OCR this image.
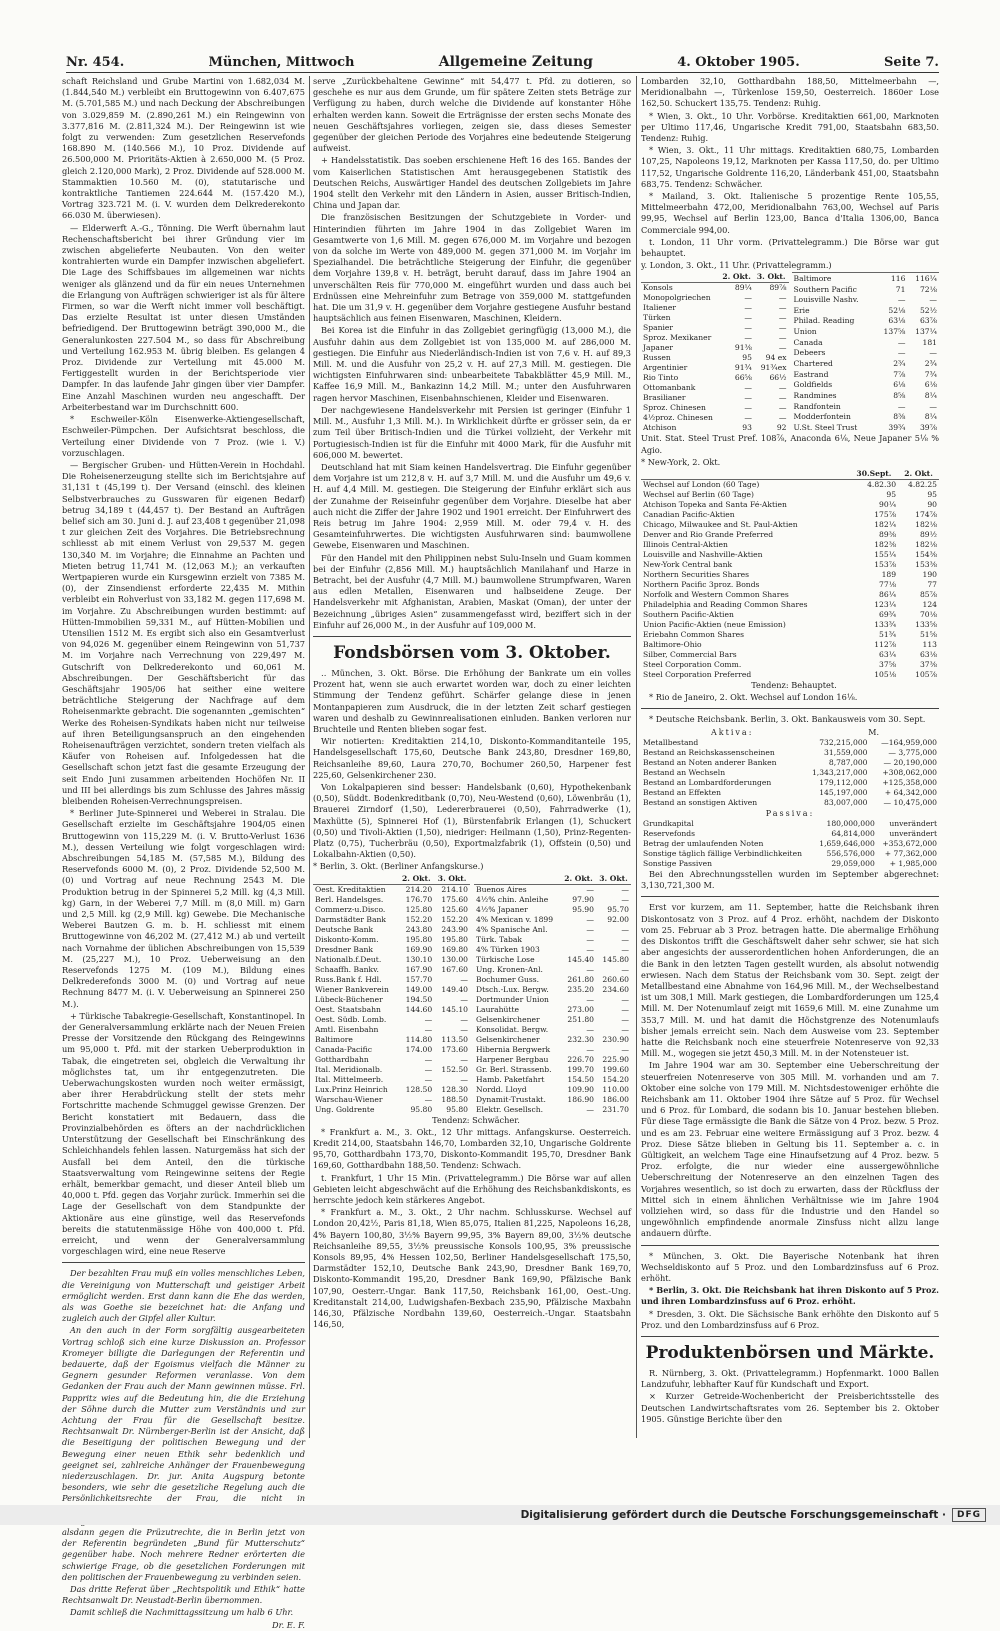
Nr. 454.	München, Mittwoch	Allgemeine Zeitung	4. Oktober 1905.	Seite 7.

schaft Reichsland und Grube Martini von 1.682,034 M. (1.844,540 M.) verbleibt ein Bruttogewinn von 6.407,675 M. (5.701,585 M.) und nach Deckung der Abschreibungen von 3.029,859 M. (2.890,261 M.) ein Reingewinn von 3.377,816 M. (2.811,324 M.). Der Reingewinn ist wie folgt zu verwenden: Zum gesetzlichen Reservefonds 168.890 M. (140.566 M.), 10 Proz. Dividende auf 26.500,000 M. Prioritäts-Aktien à 2.650,000 M. (5 Proz. gleich 2.120,000 Mark), 2 Proz. Dividende auf 528.000 M. Stammaktien 10.560 M. (0), statutarische und kontraktliche Tantiemen 224.644 M. (157.420 M.), Vortrag 323.721 M. (i. V. wurden dem Delkrederekonto 66.030 M. überwiesen).

— Elderwerft A.-G., Tönning. Die Werft übernahm laut Rechenschaftsbericht bei ihrer Gründung vier im zwischen abgelieferte Neubauten. Von den weiter kontrahierten wurde ein Dampfer inzwischen abgeliefert. Die Lage des Schiffsbaues im allgemeinen war nichts weniger als glänzend und da für ein neues Unternehmen die Erlangung von Aufträgen schwieriger ist als für ältere Firmen, so war die Werft nicht immer voll beschäftigt. Das erzielte Resultat ist unter diesen Umständen befriedigend. Der Bruttogewinn beträgt 390,000 M., die Generalunkosten 227.504 M., so dass für Abschreibung und Verteilung 162.953 M. übrig bleiben. Es gelangen 4 Proz. Dividende zur Verteilung mit 45.000 M. Fertiggestellt wurden in der Berichtsperiode vier Dampfer. In das laufende Jahr gingen über vier Dampfer. Eine Anzahl Maschinen wurden neu angeschafft. Der Arbeiterbestand war im Durchschnitt 600.

* Eschweiler-Köln Eisenwerke-Aktiengesellschaft, Eschweiler-Pümpchen. Der Aufsichtsrat beschloss, die Verteilung einer Dividende von 7 Proz. (wie i. V.) vorzuschlagen.

— Bergischer Gruben- und Hütten-Verein in Hochdahl. Die Roheisenerzeugung stellte sich im Berichtsjahre auf 31,131 t (45,199 t). Der Versand (einschl. des kleinen Selbstverbrauches zu Gusswaren für eigenen Bedarf) betrug 34,189 t (44,457 t). Der Bestand an Aufträgen belief sich am 30. Juni d. J. auf 23,408 t gegenüber 21,098 t zur gleichen Zeit des Vorjahres. Die Betriebsrechnung schliesst ab mit einem Verlust von 29,537 M. gegen 130,340 M. im Vorjahre; die Einnahme an Pachten und Mieten betrug 11,741 M. (12,063 M.); an verkauften Wertpapieren wurde ein Kursgewinn erzielt von 7385 M. (0), der Zinsendienst erforderte 22,435 M. Mithin verbleibt ein Rohverlust von 33,182 M. gegen 117,698 M. im Vorjahre. Zu Abschreibungen wurden bestimmt: auf Hütten-Immobilien 59,331 M., auf Hütten-Mobilien und Utensilien 1512 M. Es ergibt sich also ein Gesamtverlust von 94,026 M. gegenüber einem Reingewinn von 51,737 M. im Vorjahre nach Verrechnung von 229,497 M. Gutschrift von Delkrederekonto und 60,061 M. Abschreibungen. Der Geschäftsbericht für das Geschäftsjahr 1905/06 hat seither eine weitere beträchtliche Steigerung der Nachfrage auf dem Roheisenmarkte gebracht. Die sogenannten „gemischten“ Werke des Roheisen-Syndikats haben nicht nur teilweise auf ihren Beteiligungsanspruch an den eingehenden Roheisenaufträgen verzichtet, sondern treten vielfach als Käufer von Roheisen auf. Infolgedessen hat die Gesellschaft schon jetzt fast die gesamte Erzeugung der seit Endo Juni zusammen arbeitenden Hochöfen Nr. II und III bei allerdings bis zum Schlusse des Jahres mässig bleibenden Roheisen-Verrechnungspreisen.

* Berliner Jute-Spinnerei und Weberei in Stralau. Die Gesellschaft erzielte im Geschäftsjahre 1904/05 einen Bruttogewinn von 115,229 M. (i. V. Brutto-Verlust 1636 M.), dessen Verteilung wie folgt vorgeschlagen wird: Abschreibungen 54,185 M. (57,585 M.), Bildung des Reservefonds 6000 M. (0), 2 Proz. Dividende 52,500 M. (0) und Vortrag auf neue Rechnung 2543 M. Die Produktion betrug in der Spinnerei 5,2 Mill. kg (4,3 Mill. kg) Garn, in der Weberei 7,7 Mill. m (8,0 Mill. m) Garn und 2,5 Mill. kg (2,9 Mill. kg) Gewebe. Die Mechanische Weberei Bautzen G. m. b. H. schliesst mit einem Bruttogewinne von 46,202 M. (27,412 M.) ab und verteilt nach Vornahme der üblichen Abschreibungen von 15,539 M. (25,227 M.), 10 Proz. Ueberweisung an den Reservefonds 1275 M. (109 M.), Bildung eines Delkrederefonds 3000 M. (0) und Vortrag auf neue Rechnung 8477 M. (i. V. Ueberweisung an Spinnerei 250 M.).

+ Türkische Tabakregie-Gesellschaft, Konstantinopel. In der Generalversammlung erklärte nach der Neuen Freien Presse der Vorsitzende den Rückgang des Reingewinns um 95,000 t. Pfd. mit der starken Ueberproduktion in Tabak, die eingetreten sei, obgleich die Verwaltung ihr möglichstes tat, um ihr entgegenzutreten. Die Ueberwachungskosten wurden noch weiter ermässigt, aber ihrer Herabdrückung stellt der stets mehr Fortschritte machende Schmuggel gewisse Grenzen. Der Bericht konstatiert mit Bedauern, dass die Provinzialbehörden es öfters an der nachdrücklichen Unterstützung der Gesellschaft bei Einschränkung des Schleichhandels fehlen lassen. Naturgemäss hat sich der Ausfall bei dem Anteil, den die türkische Staatsverwaltung vom Reingewinne seitens der Regie erhält, bemerkbar gemacht, und dieser Anteil blieb um 40,000 t. Pfd. gegen das Vorjahr zurück. Immerhin sei die Lage der Gesellschaft von dem Standpunkte der Aktionäre aus eine günstige, weil das Reservefonds bereits die statutenmässige Höhe von 400,000 t. Pfd. erreicht, und wenn der Generalversammlung vorgeschlagen wird, eine neue Reserve

Der bezahlten Frau muß ein volles menschliches Leben, die Vereinigung von Mutterschaft und geistiger Arbeit ermöglicht werden. Erst dann kann die Ehe das werden, als was Goethe sie bezeichnet hat: die Anfang und zugleich auch der Gipfel aller Kultur.

An den auch in der Form sorgfältig ausgearbeiteten Vortrag schloß sich eine kurze Diskussion an. Professor Kromeyer billigte die Darlegungen der Referentin und bedauerte, daß der Egoismus vielfach die Männer zu Gegnern gesunder Reformen veranlasse. Von dem Gedanken der Frau auch der Mann gewinnen müsse. Frl. Pappritz wies auf die Bedeutung hin, die die Erziehung der Söhne durch die Mutter zum Verständnis und zur Achtung der Frau für die Gesellschaft besitze. Rechtsanwalt Dr. Nürnberger-Berlin ist der Ansicht, daß die Beseitigung der politischen Bewegung und der Bewegung einer neuen Ethik sehr bedenklich und geeignet sei, zahlreiche Anhänger der Frauenbewegung niederzuschlagen. Dr. jur. Anita Augspurg betonte besonders, wie sehr die gesetzliche Regelung auch die Persönlichkeitsrechte der Frau, die nicht in alsdann gegen die Prüzutrechte, die in Berlin jetzt von der Referentin begründeten „Bund für Mutterschutz“ gegenüber habe. Noch mehrere Redner erörterten die schwierige Frage, ob die gesetzlichen Forderungen mit den politischen der Frauenbewegung zu verbinden seien.

Das dritte Referat über „Rechtspolitik und Ethik“ hatte Rechtsanwalt Dr. Neustadt-Berlin übernommen.

Damit schließ die Nachmittagssitzung um halb 6 Uhr.

Dr. E. F.

serve „Zurückbehaltene Gewinne“ mit 54,477 t. Pfd. zu dotieren, so geschehe es nur aus dem Grunde, um für spätere Zeiten stets Beträge zur Verfügung zu haben, durch welche die Dividende auf konstanter Höhe erhalten werden kann. Soweit die Erträgnisse der ersten sechs Monate des neuen Geschäftsjahres vorliegen, zeigen sie, dass dieses Semester gegenüber der gleichen Periode des Vorjahres eine bedeutende Steigerung aufweist.

+ Handelsstatistik. Das soeben erschienene Heft 16 des 165. Bandes der vom Kaiserlichen Statistischen Amt herausgegebenen Statistik des Deutschen Reichs, Auswärtiger Handel des deutschen Zollgebiets im Jahre 1904 stellt den Verkehr mit den Ländern in Asien, ausser Britisch-Indien, China und Japan dar.

Die französischen Besitzungen der Schutzgebiete in Vorder- und Hinterindien führten im Jahre 1904 in das Zollgebiet Waren im Gesamtwerte von 1,6 Mill. M. gegen 676,000 M. im Vorjahre und bezogen von da solche im Werte von 489,000 M. gegen 371,000 M. im Vorjahr im Spezialhandel. Die beträchtliche Steigerung der Einfuhr, die gegenüber dem Vorjahre 139,8 v. H. beträgt, beruht darauf, dass im Jahre 1904 an unverschälten Reis für 770,000 M. eingeführt wurden und dass auch bei Erdnüssen eine Mehreinfuhr zum Betrage von 359,000 M. stattgefunden hat. Die um 31,9 v. H. gegenüber dem Vorjahre gestiegene Ausfuhr bestand hauptsächlich aus feinen Eisenwaren, Maschinen, Kleidern.

Bei Korea ist die Einfuhr in das Zollgebiet geringfügig (13,000 M.), die Ausfuhr dahin aus dem Zollgebiet ist von 135,000 M. auf 286,000 M. gestiegen. Die Einfuhr aus Niederländisch-Indien ist von 7,6 v. H. auf 89,3 Mill. M. und die Ausfuhr von 25,2 v. H. auf 27,3 Mill. M. gestiegen. Die wichtigsten Einfuhrwaren sind: unbearbeitete Tabakblätter 45,9 Mill. M., Kaffee 16,9 Mill. M., Bankazinn 14,2 Mill. M.; unter den Ausfuhrwaren ragen hervor Maschinen, Eisenbahnschienen, Kleider und Eisenwaren.

Der nachgewiesene Handelsverkehr mit Persien ist geringer (Einfuhr 1 Mill. M., Ausfuhr 1,3 Mill. M.). In Wirklichkeit dürfte er grösser sein, da er zum Teil über Britisch-Indien und die Türkei vollzieht, der Verkehr mit Portugiesisch-Indien ist für die Einfuhr mit 4000 Mark, für die Ausfuhr mit 606,000 M. bewertet.

Deutschland hat mit Siam keinen Handelsvertrag. Die Einfuhr gegenüber dem Vorjahre ist um 212,8 v. H. auf 3,7 Mill. M. und die Ausfuhr um 49,6 v. H. auf 4,4 Mill. M. gestiegen. Die Steigerung der Einfuhr erklärt sich aus der Zunahme der Reiseinfuhr gegenüber dem Vorjahre. Dieselbe hat aber auch nicht die Ziffer der Jahre 1902 und 1901 erreicht. Der Einfuhrwert des Reis betrug im Jahre 1904: 2,959 Mill. M. oder 79,4 v. H. des Gesamteinfuhrwertes. Die wichtigsten Ausfuhrwaren sind: baumwollene Gewebe, Eisenwaren und Maschinen.

Für den Handel mit den Philippinen nebst Sulu-Inseln und Guam kommen bei der Einfuhr (2,856 Mill. M.) hauptsächlich Manilahanf und Harze in Betracht, bei der Ausfuhr (4,7 Mill. M.) baumwollene Strumpfwaren, Waren aus edlen Metallen, Eisenwaren und halbseidene Zeuge. Der Handelsverkehr mit Afghanistan, Arabien, Maskat (Oman), der unter der Bezeichnung „übriges Asien“ zusammengefasst wird, beziffert sich in der Einfuhr auf 26,000 M., in der Ausfuhr auf 109,000 M.

Fondsbörsen vom 3. Oktober.

‥ München, 3. Okt. Börse. Die Erhöhung der Bankrate um ein volles Prozent hat, wenn sie auch erwartet worden war, doch zu einer leichten Stimmung der Tendenz geführt. Schärfer gelange diese in jenen Montanpapieren zum Ausdruck, die in der letzten Zeit scharf gestiegen waren und deshalb zu Gewinnrealisationen einluden. Banken verloren nur Bruchteile und Renten blieben sogar fest.

Wir notierten: Kreditaktien 214,10, Diskonto-Kommanditanteile 195, Handelsgesellschaft 175,60, Deutsche Bank 243,80, Dresdner 169,80, Reichsanleihe 89,60, Laura 270,70, Bochumer 260,50, Harpener fest 225,60, Gelsenkirchener 230.

Von Lokalpapieren sind besser: Handelsbank (0,60), Hypothekenbank (0,50), Süddt. Bodenkreditbank (0,70), Neu-Westend (0,60), Löwenbräu (1), Brauerei Zirndorf (1,50), Ledererbrauerei (0,50), Fahrradwerke (1), Maxhütte (5), Spinnerei Hof (1), Bürstenfabrik Erlangen (1), Schuckert (0,50) und Tivoli-Aktien (1,50), niedriger: Heilmann (1,50), Prinz-Regenten-Platz (0,75), Tucherbräu (0,50), Exportmalzfabrik (1), Offstein (0,50) und Lokalbahn-Aktien (0,50).

* Berlin, 3. Okt. (Berliner Anfangskurse.)

	2. Okt.	3. Okt.
Oest. Kreditaktien	214.20	214.10
Berl. Handelsges.	176.70	175.60
Commerz-u.Disco.	125.80	125.60
Darmstädter Bank	152.20	152.20
Deutsche Bank	243.80	243.90
Diskonto-Komm.	195.80	195.80
Dresdner Bank	169.90	169.80
Nationalb.f.Deut.	130.10	130.00
Schaaffh. Bankv.	167.90	167.60
Russ.Bank f. Hdl.	157.70	—
Wiener Bankverein	149.00	149.40
Lübeck-Büchener	194.50	—
Oest. Staatsbahn	144.60	145.10
Oest. Südb. Lomb.	—	—
Amtl. Eisenbahn	—	—
Baltimore	114.80	113.50
Canada-Pacific	174.00	173.60
Gotthardbahn	—	—
Ital. Meridionalb.	—	152.50
Ital. Mittelmeerb.	—	—
Lux.Prinz Heinrich	128.50	128.30
Warschau-Wiener	—	188.50
Ung. Goldrente	95.80	95.80
	2. Okt.	3. Okt.
Buenos Aires	—	—
4½% chin. Anleihe	97.90	—
4½% Japaner	95.90	95.70
4% Mexican v. 1899	—	92.00
4% Spanische Anl.	—	—
Türk. Tabak	—	—
4% Türken 1903	—	—
Türkische Lose	145.40	145.80
Ung. Kronen-Anl.	—	—
Bochumer Guss.	261.80	260.60
Dtsch.-Lux. Bergw.	235.20	234.60
Dortmunder Union	—	—
Laurahütte	273.00	—
Gelsenkirchener	251.80	—
Konsolidat. Bergw.	—	—
Gelsenkirchener	232.30	230.90
Hibernia Bergwerk	—	—
Harpener Bergbau	226.70	225.90
Gr. Berl. Strassenb.	199.70	199.60
Hamb. Paketfahrt	154.50	154.20
Nordd. Lloyd	109.90	110.00
Dynamit-Trustakt.	186.90	186.00
Elektr. Gesellsch.	—	231.70

Tendenz: Schwächer.

* Frankfurt a. M., 3. Okt., 12 Uhr mittags. Anfangskurse. Oesterreich. Kredit 214,00, Staatsbahn 146,70, Lombarden 32,10, Ungarische Goldrente 95,70, Gotthardbahn 173,70, Diskonto-Kommandit 195,70, Dresdner Bank 169,60, Gotthardbahn 188,50. Tendenz: Schwach.

t. Frankfurt, 1 Uhr 15 Min. (Privattelegramm.) Die Börse war auf allen Gebieten leicht abgeschwächt auf die Erhöhung des Reichsbankdiskonts, es herrschte jedoch kein stärkeres Angebot.

* Frankfurt a. M., 3. Okt., 2 Uhr nachm. Schlusskurse. Wechsel auf London 20,42½, Paris 81,18, Wien 85,075, Italien 81,225, Napoleons 16,28, 4% Bayern 100,80, 3½% Bayern 99,95, 3% Bayern 89,00, 3½% deutsche Reichsanleihe 89,55, 3½% preussische Konsols 100,95, 3% preussische Konsols 89,95, 4% Hessen 102,50, Berliner Handelsgesellschaft 175,50, Darmstädter 152,10, Deutsche Bank 243,90, Dresdner Bank 169,70, Diskonto-Kommandit 195,20, Dresdner Bank 169,90, Pfälzische Bank 107,90, Oesterr.-Ungar. Bank 117,50, Reichsbank 161,00, Oest.-Ung. Kreditanstalt 214,00, Ludwigshafen-Bexbach 235,90, Pfälzische Maxbahn 146,30, Pfälzische Nordbahn 139,60, Oesterreich.-Ungar. Staatsbahn 146,50,

Lombarden 32,10, Gotthardbahn 188,50, Mittelmeerbahn —, Meridionalbahn —, Türkenlose 159,50, Oesterreich. 1860er Lose 162,50. Schuckert 135,75. Tendenz: Ruhig.

* Wien, 3. Okt., 10 Uhr. Vorbörse. Kreditaktien 661,00, Marknoten per Ultimo 117,46, Ungarische Kredit 791,00, Staatsbahn 683,50. Tendenz: Ruhig.

* Wien, 3. Okt., 11 Uhr mittags. Kreditaktien 680,75, Lombarden 107,25, Napoleons 19,12, Marknoten per Kassa 117,50, do. per Ultimo 117,52, Ungarische Goldrente 116,20, Länderbank 451,00, Staatsbahn 683,75. Tendenz: Schwächer.

* Mailand, 3. Okt. Italienische 5 prozentige Rente 105,55, Mittelmeerbahn 472,00, Meridionalbahn 763,00, Wechsel auf Paris 99,95, Wechsel auf Berlin 123,00, Banca d'Italia 1306,00, Banca Commerciale 994,00.

t. London, 11 Uhr vorm. (Privattelegramm.) Die Börse war gut behauptet.

y. London, 3. Okt., 11 Uhr. (Privattelegramm.)

	2. Okt.	3. Okt.
Konsols	89¼	89⅞
Monopolgriechen	—	—
Italiener	—	—
Türken	—	—
Spanier	—	—
Sproz. Mexikaner	—	—
Japaner	91⅜	—
Russen	95	94 ex
Argentinier	91¾	91¾ex
Rio Tinto	66⅝	66½
Ottomanbank	—	—
Brasilianer	—	—
Sproz. Chinesen	—	—
4½proz. Chinesen	—	—
Atchison	93	92

Baltimore	116	116¼
Southern Pacific	71	72⅛
Louisville Nashv.	—	—
Erie	52⅛	52½
Philad. Reading	63⅛	63⅞
Union	137⅝	137¼
Canada	—	181
Debeers	—	—
Chartered	2¾	2¾
Eastrand	7⅞	7¾
Goldfields	6⅛	6⅛
Randmines	8⅝	8¼
Randfontein	—	—
Modderfontein	8⅜	8¼
U.St. Steel Trust	39¾	39⅞

Unit. Stat. Steel Trust Pref. 108⅞, Anaconda 6⅛, Neue Japaner 5⅛ % Agio.

* New-York, 2. Okt.

	30.Sept.	2. Okt.
Wechsel auf London (60 Tage)	4.82.30	4.82.25
Wechsel auf Berlin (60 Tage)	95	95
Atchison Topeka and Santa Fé-Aktien	90¼	90
Canadian Pacific-Aktien	175⅞	174⅞
Chicago, Milwaukee and St. Paul-Aktien	182¼	182⅛
Denver and Rio Grande Preferred	89⅜	89½
Illinois Central-Aktien	182⅜	182⅛
Louisville and Nashville-Aktien	155¼	154⅜
New-York Central bank	153⅞	153⅜
Northern Securities Shares	189	190
Northern Pacific 3proz. Bonds	77⅛	77
Norfolk and Western Common Shares	86¼	85⅞
Philadelphia and Reading Common Shares	123¼	124
Southern Pacific-Aktien	69¾	70⅛
Union Pacific-Aktien (neue Emission)	133¾	133⅝
Eriebahn Common Shares	51¾	51⅝
Baltimore-Ohio	112⅞	113
Silber, Commercial Bars	63¼	63⅛
Steel Corporation Comm.	37⅝	37⅜
Steel Corporation Preferred	105⅛	105⅞

Tendenz: Behauptet.

* Rio de Janeiro, 2. Okt. Wechsel auf London 16⅛.

* Deutsche Reichsbank. Berlin, 3. Okt. Bankausweis vom 30. Sept.

Aktiva:	M.
Metallbestand	732,215,000	—164,959,000
Bestand an Reichskassenscheinen	31,559,000	— 3,775,000
Bestand an Noten anderer Banken	8,787,000	— 20,190,000
Bestand an Wechseln	1,343,217,000	+308,062,000
Bestand an Lombardforderungen	179,112,000	+125,358,000
Bestand an Effekten	145,197,000	+ 64,342,000
Bestand an sonstigen Aktiven	83,007,000	— 10,475,000
Passiva:
Grundkapital	180,000,000	unverändert
Reservefonds	64,814,000	unverändert
Betrag der umlaufenden Noten	1,659,646,000	+353,672,000
Sonstige täglich fällige Verbindlichkeiten	556,576,000	+ 77,362,000
Sonstige Passiven	29,059,000	+ 1,985,000

Bei den Abrechnungsstellen wurden im September abgerechnet: 3,130,721,300 M.

Erst vor kurzem, am 11. September, hatte die Reichsbank ihren Diskontosatz von 3 Proz. auf 4 Proz. erhöht, nachdem der Diskonto vom 25. Februar ab 3 Proz. betragen hatte. Die abermalige Erhöhung des Diskontos trifft die Geschäftswelt daher sehr schwer, sie hat sich aber angesichts der ausserordentlichen hohen Anforderungen, die an die Bank in den letzten Tagen gestellt wurden, als absolut notwendig erwiesen. Nach dem Status der Reichsbank vom 30. Sept. zeigt der Metallbestand eine Abnahme von 164,96 Mill. M., der Wechselbestand ist um 308,1 Mill. Mark gestiegen, die Lombardforderungen um 125,4 Mill. M. Der Notenumlauf zeigt mit 1659,6 Mill. M. eine Zunahme um 353,7 Mill. M. und hat damit die Höchstgrenze des Notenumlaufs bisher jemals erreicht sein. Nach dem Ausweise vom 23. September hatte die Reichsbank noch eine steuerfreie Notenreserve von 92,33 Mill. M., wogegen sie jetzt 450,3 Mill. M. in der Notensteuer ist.

Im Jahre 1904 war am 30. September eine Ueberschreitung der steuerfreien Notenreserve von 305 Mill. M. vorhanden und am 7. Oktober eine solche von 179 Mill. M. Nichtsdestoweniger erhöhte die Reichsbank am 11. Oktober 1904 ihre Sätze auf 5 Proz. für Wechsel und 6 Proz. für Lombard, die sodann bis 10. Januar bestehen blieben. Für diese Tage ermässigte die Bank die Sätze von 4 Proz. bezw. 5 Proz. und es am 23. Februar eine weitere Ermässigung auf 3 Proz. bezw. 4 Proz. Diese Sätze blieben in Geltung bis 11. September a. c. in Gültigkeit, an welchem Tage eine Hinaufsetzung auf 4 Proz. bezw. 5 Proz. erfolgte, die nur wieder eine aussergewöhnliche Ueberschreitung der Notenreserve an den einzelnen Tagen des Vorjahres wesentlich, so ist doch zu erwarten, dass der Rückfluss der Mittel sich in einem ähnlichen Verhältnisse wie im Jahre 1904 vollziehen wird, so dass für die Industrie und den Handel so ungewöhnlich empfindende anormale Zinsfuss nicht allzu lange andauern dürfte.

* München, 3. Okt. Die Bayerische Notenbank hat ihren Wechseldiskonto auf 5 Proz. und den Lombardzinsfuss auf 6 Proz. erhöht.

* Berlin, 3. Okt. Die Reichsbank hat ihren Diskonto auf 5 Proz. und ihren Lombardzinsfuss auf 6 Proz. erhöht.

* Dresden, 3. Okt. Die Sächsische Bank erhöhte den Diskonto auf 5 Proz. und den Lombardzinsfuss auf 6 Proz.

Produktenbörsen und Märkte.

R. Nürnberg, 3. Okt. (Privattelegramm.) Hopfenmarkt. 1000 Ballen Landzufuhr, lebhafter Kauf für Kundschaft und Export.

× Kurzer Getreide-Wochenbericht der Preisberichtsstelle des Deutschen Landwirtschaftsrates vom 26. September bis 2. Oktober 1905. Günstige Berichte über den

Digitalisierung gefördert durch die Deutsche Forschungsgemeinschaft ·	DFG
